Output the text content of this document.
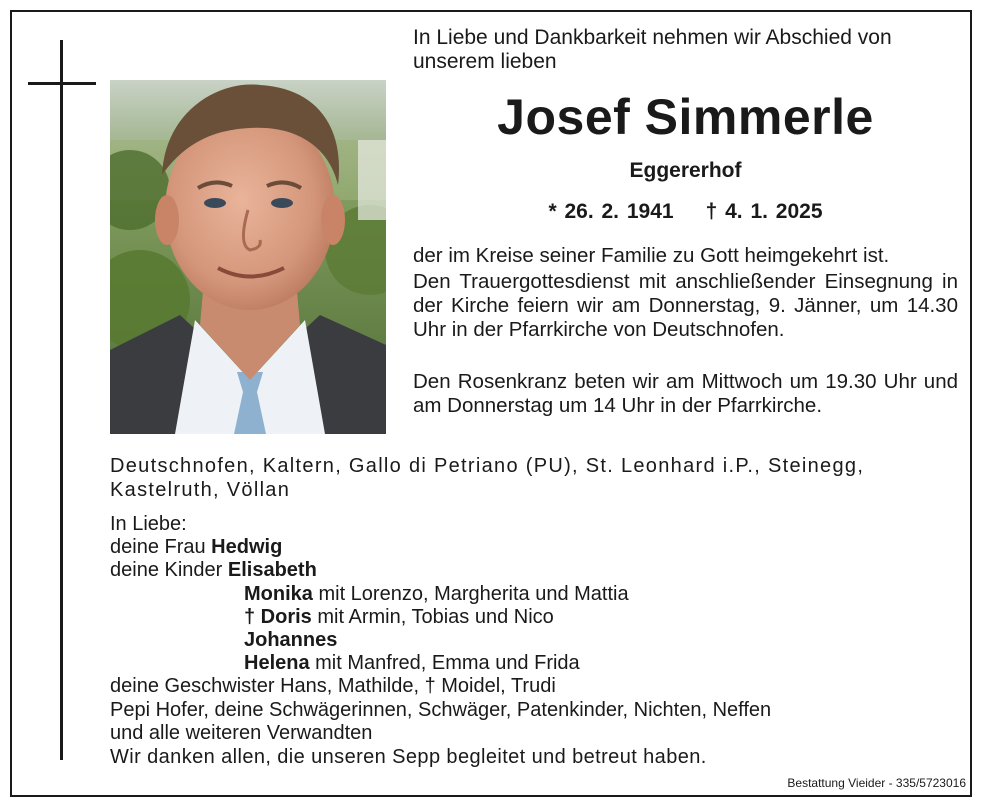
In Liebe und Dankbarkeit nehmen wir Abschied von unserem lieben
Josef Simmerle
Eggererhof
* 26. 2. 1941 † 4. 1. 2025
der im Kreise seiner Familie zu Gott heimgekehrt ist.
Den Trauergottesdienst mit anschließender Einsegnung in der Kirche feiern wir am Donnerstag, 9. Jänner, um 14.30 Uhr in der Pfarrkirche von Deutschnofen.
Den Rosenkranz beten wir am Mittwoch um 19.30 Uhr und am Donnerstag um 14 Uhr in der Pfarrkirche.
Deutschnofen, Kaltern, Gallo di Petriano (PU), St. Leonhard i.P., Steinegg, Kastelruth, Völlan
In Liebe:
deine Frau Hedwig
deine Kinder Elisabeth
Monika mit Lorenzo, Margherita und Mattia
† Doris mit Armin, Tobias und Nico
Johannes
Helena mit Manfred, Emma und Frida
deine Geschwister Hans, Mathilde, † Moidel, Trudi
Pepi Hofer, deine Schwägerinnen, Schwäger, Patenkinder, Nichten, Neffen
und alle weiteren Verwandten
Wir danken allen, die unseren Sepp begleitet und betreut haben.
Bestattung Vieider - 335/5723016
